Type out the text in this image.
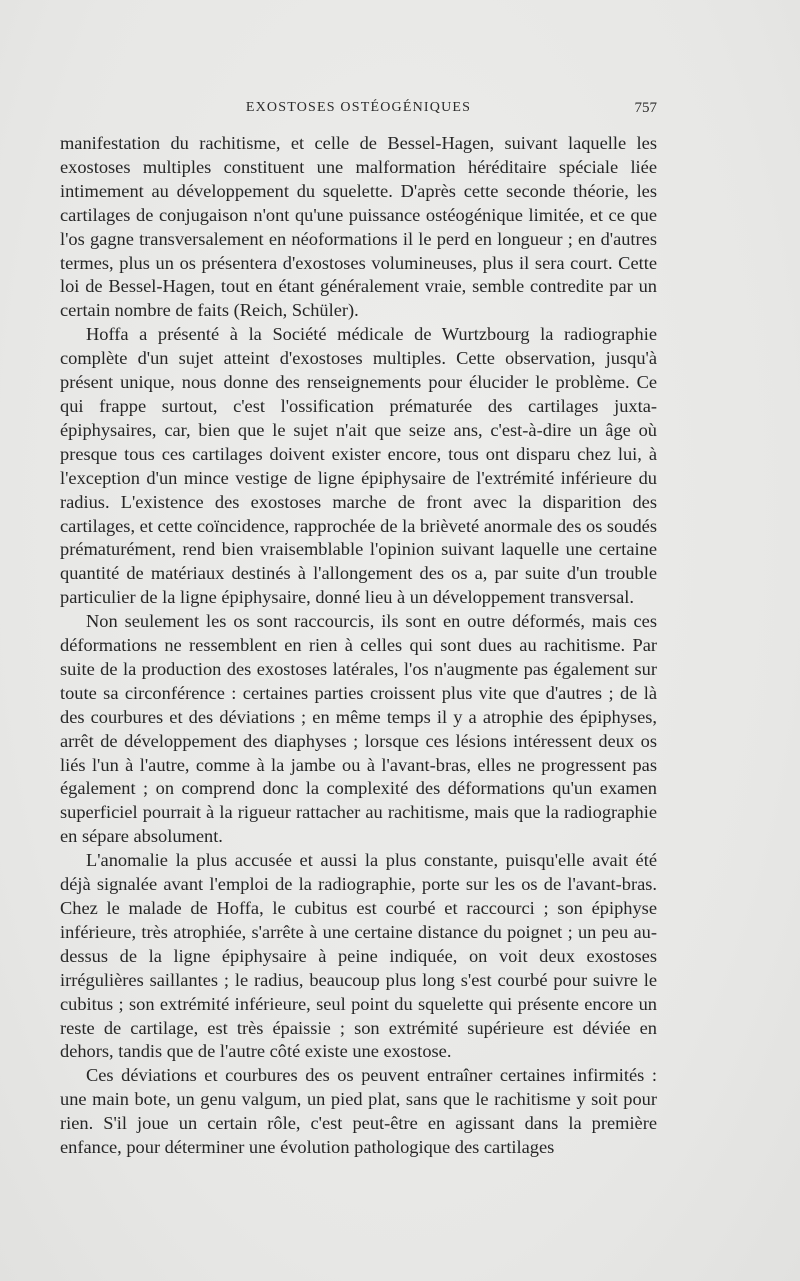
EXOSTOSES OSTÉOGÉNIQUES	757

manifestation du rachitisme, et celle de Bessel-Hagen, suivant laquelle les exostoses multiples constituent une malformation héréditaire spéciale liée intimement au développement du squelette. D'après cette seconde théorie, les cartilages de conjugaison n'ont qu'une puissance ostéogénique limitée, et ce que l'os gagne transversalement en néoformations il le perd en longueur ; en d'autres termes, plus un os présentera d'exostoses volumineuses, plus il sera court. Cette loi de Bessel-Hagen, tout en étant généralement vraie, semble contredite par un certain nombre de faits (Reich, Schüler).

Hoffa a présenté à la Société médicale de Wurtzbourg la radiographie complète d'un sujet atteint d'exostoses multiples. Cette observation, jusqu'à présent unique, nous donne des renseignements pour élucider le problème. Ce qui frappe surtout, c'est l'ossification prématurée des cartilages juxta-épiphysaires, car, bien que le sujet n'ait que seize ans, c'est-à-dire un âge où presque tous ces cartilages doivent exister encore, tous ont disparu chez lui, à l'exception d'un mince vestige de ligne épiphysaire de l'extrémité inférieure du radius. L'existence des exostoses marche de front avec la disparition des cartilages, et cette coïncidence, rapprochée de la brièveté anormale des os soudés prématurément, rend bien vraisemblable l'opinion suivant laquelle une certaine quantité de matériaux destinés à l'allongement des os a, par suite d'un trouble particulier de la ligne épiphysaire, donné lieu à un développement transversal.

Non seulement les os sont raccourcis, ils sont en outre déformés, mais ces déformations ne ressemblent en rien à celles qui sont dues au rachitisme. Par suite de la production des exostoses latérales, l'os n'augmente pas également sur toute sa circonférence : certaines parties croissent plus vite que d'autres ; de là des courbures et des déviations ; en même temps il y a atrophie des épiphyses, arrêt de développement des diaphyses ; lorsque ces lésions intéressent deux os liés l'un à l'autre, comme à la jambe ou à l'avant-bras, elles ne progressent pas également ; on comprend donc la complexité des déformations qu'un examen superficiel pourrait à la rigueur rattacher au rachitisme, mais que la radiographie en sépare absolument.

L'anomalie la plus accusée et aussi la plus constante, puisqu'elle avait été déjà signalée avant l'emploi de la radiographie, porte sur les os de l'avant-bras. Chez le malade de Hoffa, le cubitus est courbé et raccourci ; son épiphyse inférieure, très atrophiée, s'arrête à une certaine distance du poignet ; un peu au-dessus de la ligne épiphysaire à peine indiquée, on voit deux exostoses irrégulières saillantes ; le radius, beaucoup plus long s'est courbé pour suivre le cubitus ; son extrémité inférieure, seul point du squelette qui présente encore un reste de cartilage, est très épaissie ; son extrémité supérieure est déviée en dehors, tandis que de l'autre côté existe une exostose.

Ces déviations et courbures des os peuvent entraîner certaines infirmités : une main bote, un genu valgum, un pied plat, sans que le rachitisme y soit pour rien. S'il joue un certain rôle, c'est peut-être en agissant dans la première enfance, pour déterminer une évolution pathologique des cartilages
